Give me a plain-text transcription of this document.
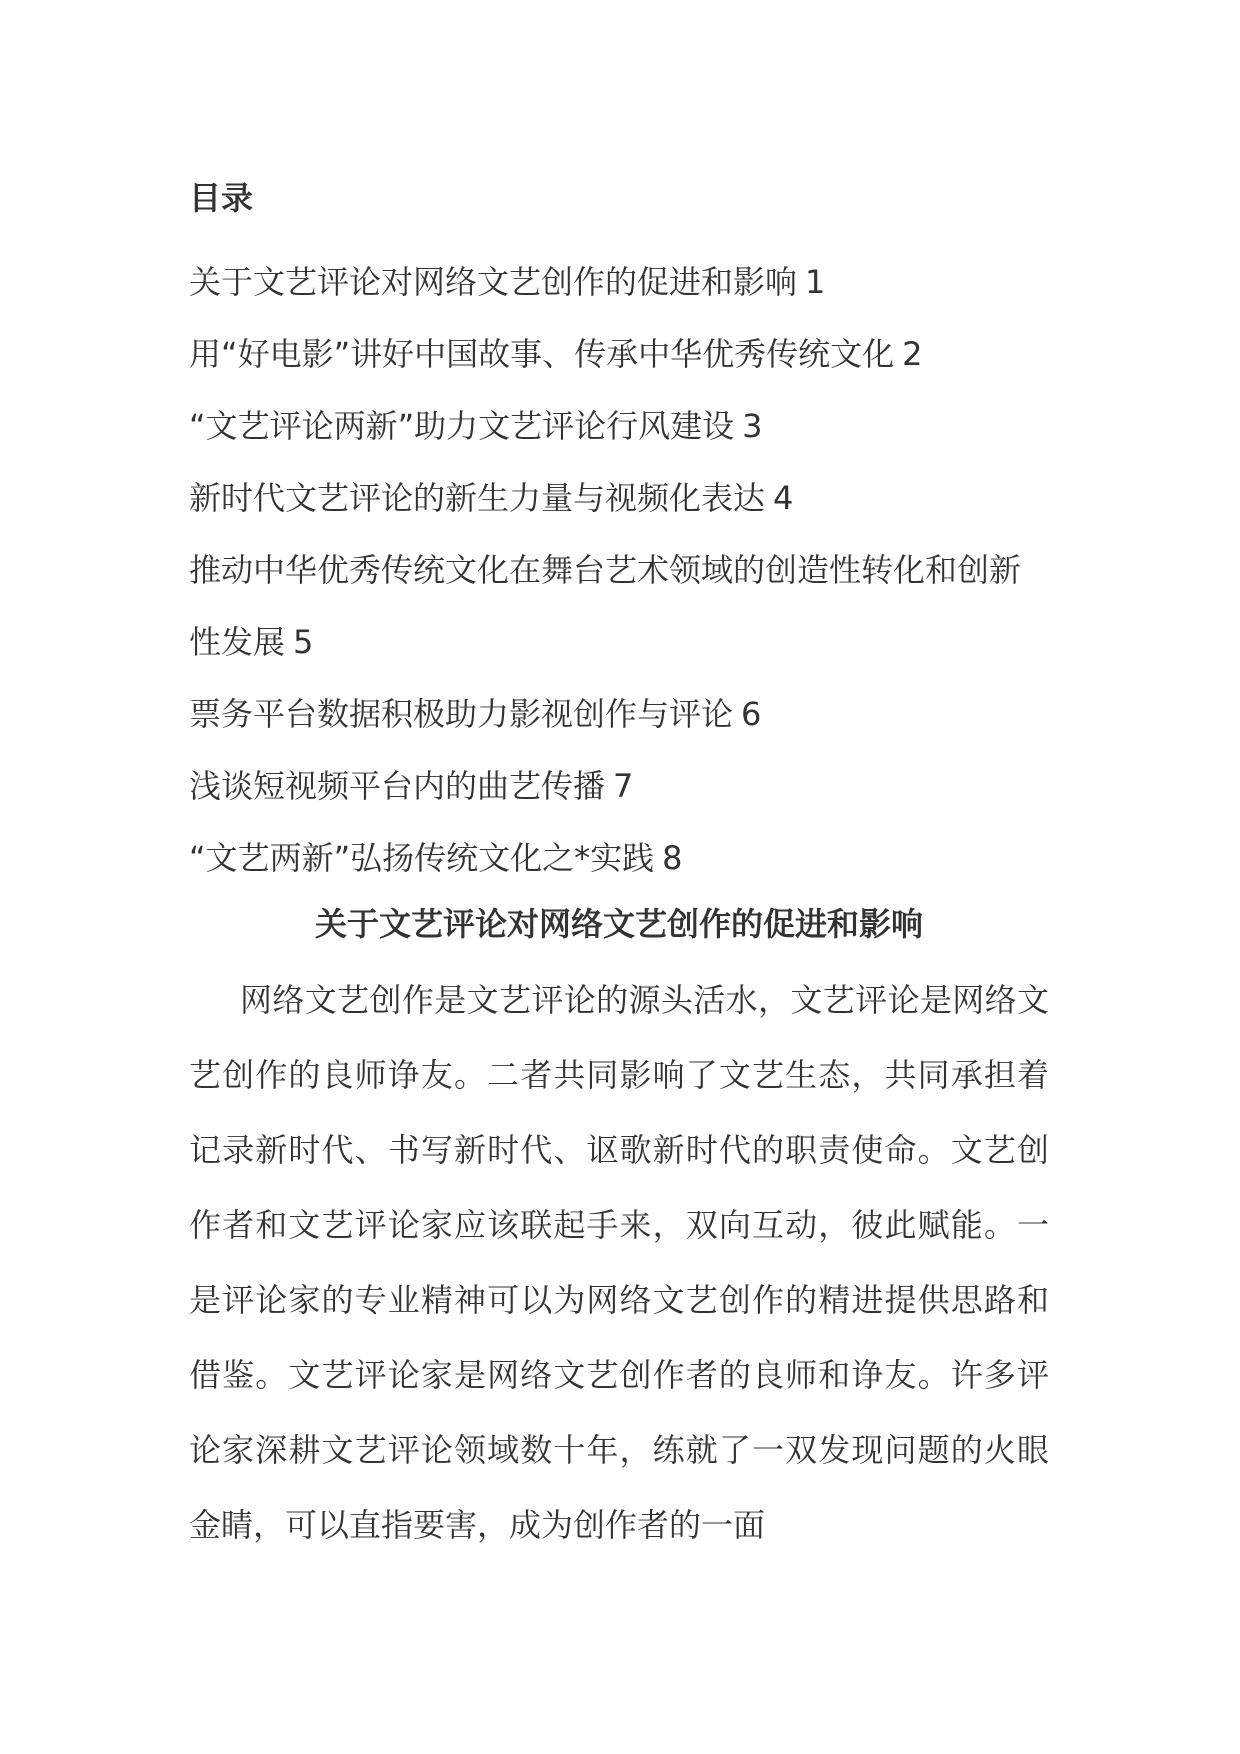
目录
关于文艺评论对网络文艺创作的促进和影响 1
用“好电影”讲好中国故事、传承中华优秀传统文化 2
“文艺评论两新”助力文艺评论行风建设 3
新时代文艺评论的新生力量与视频化表达 4
推动中华优秀传统文化在舞台艺术领域的创造性转化和创新性发展 5
票务平台数据积极助力影视创作与评论 6
浅谈短视频平台内的曲艺传播 7
“文艺两新”弘扬传统文化之*实践 8
关于文艺评论对网络文艺创作的促进和影响

网络文艺创作是文艺评论的源头活水，文艺评论是网络文艺创作的良师诤友。二者共同影响了文艺生态，共同承担着记录新时代、书写新时代、讴歌新时代的职责使命。文艺创作者和文艺评论家应该联起手来，双向互动，彼此赋能。一是评论家的专业精神可以为网络文艺创作的精进提供思路和借鉴。文艺评论家是网络文艺创作者的良师和诤友。许多评论家深耕文艺评论领域数十年，练就了一双发现问题的火眼金睛，可以直指要害，成为创作者的一面
